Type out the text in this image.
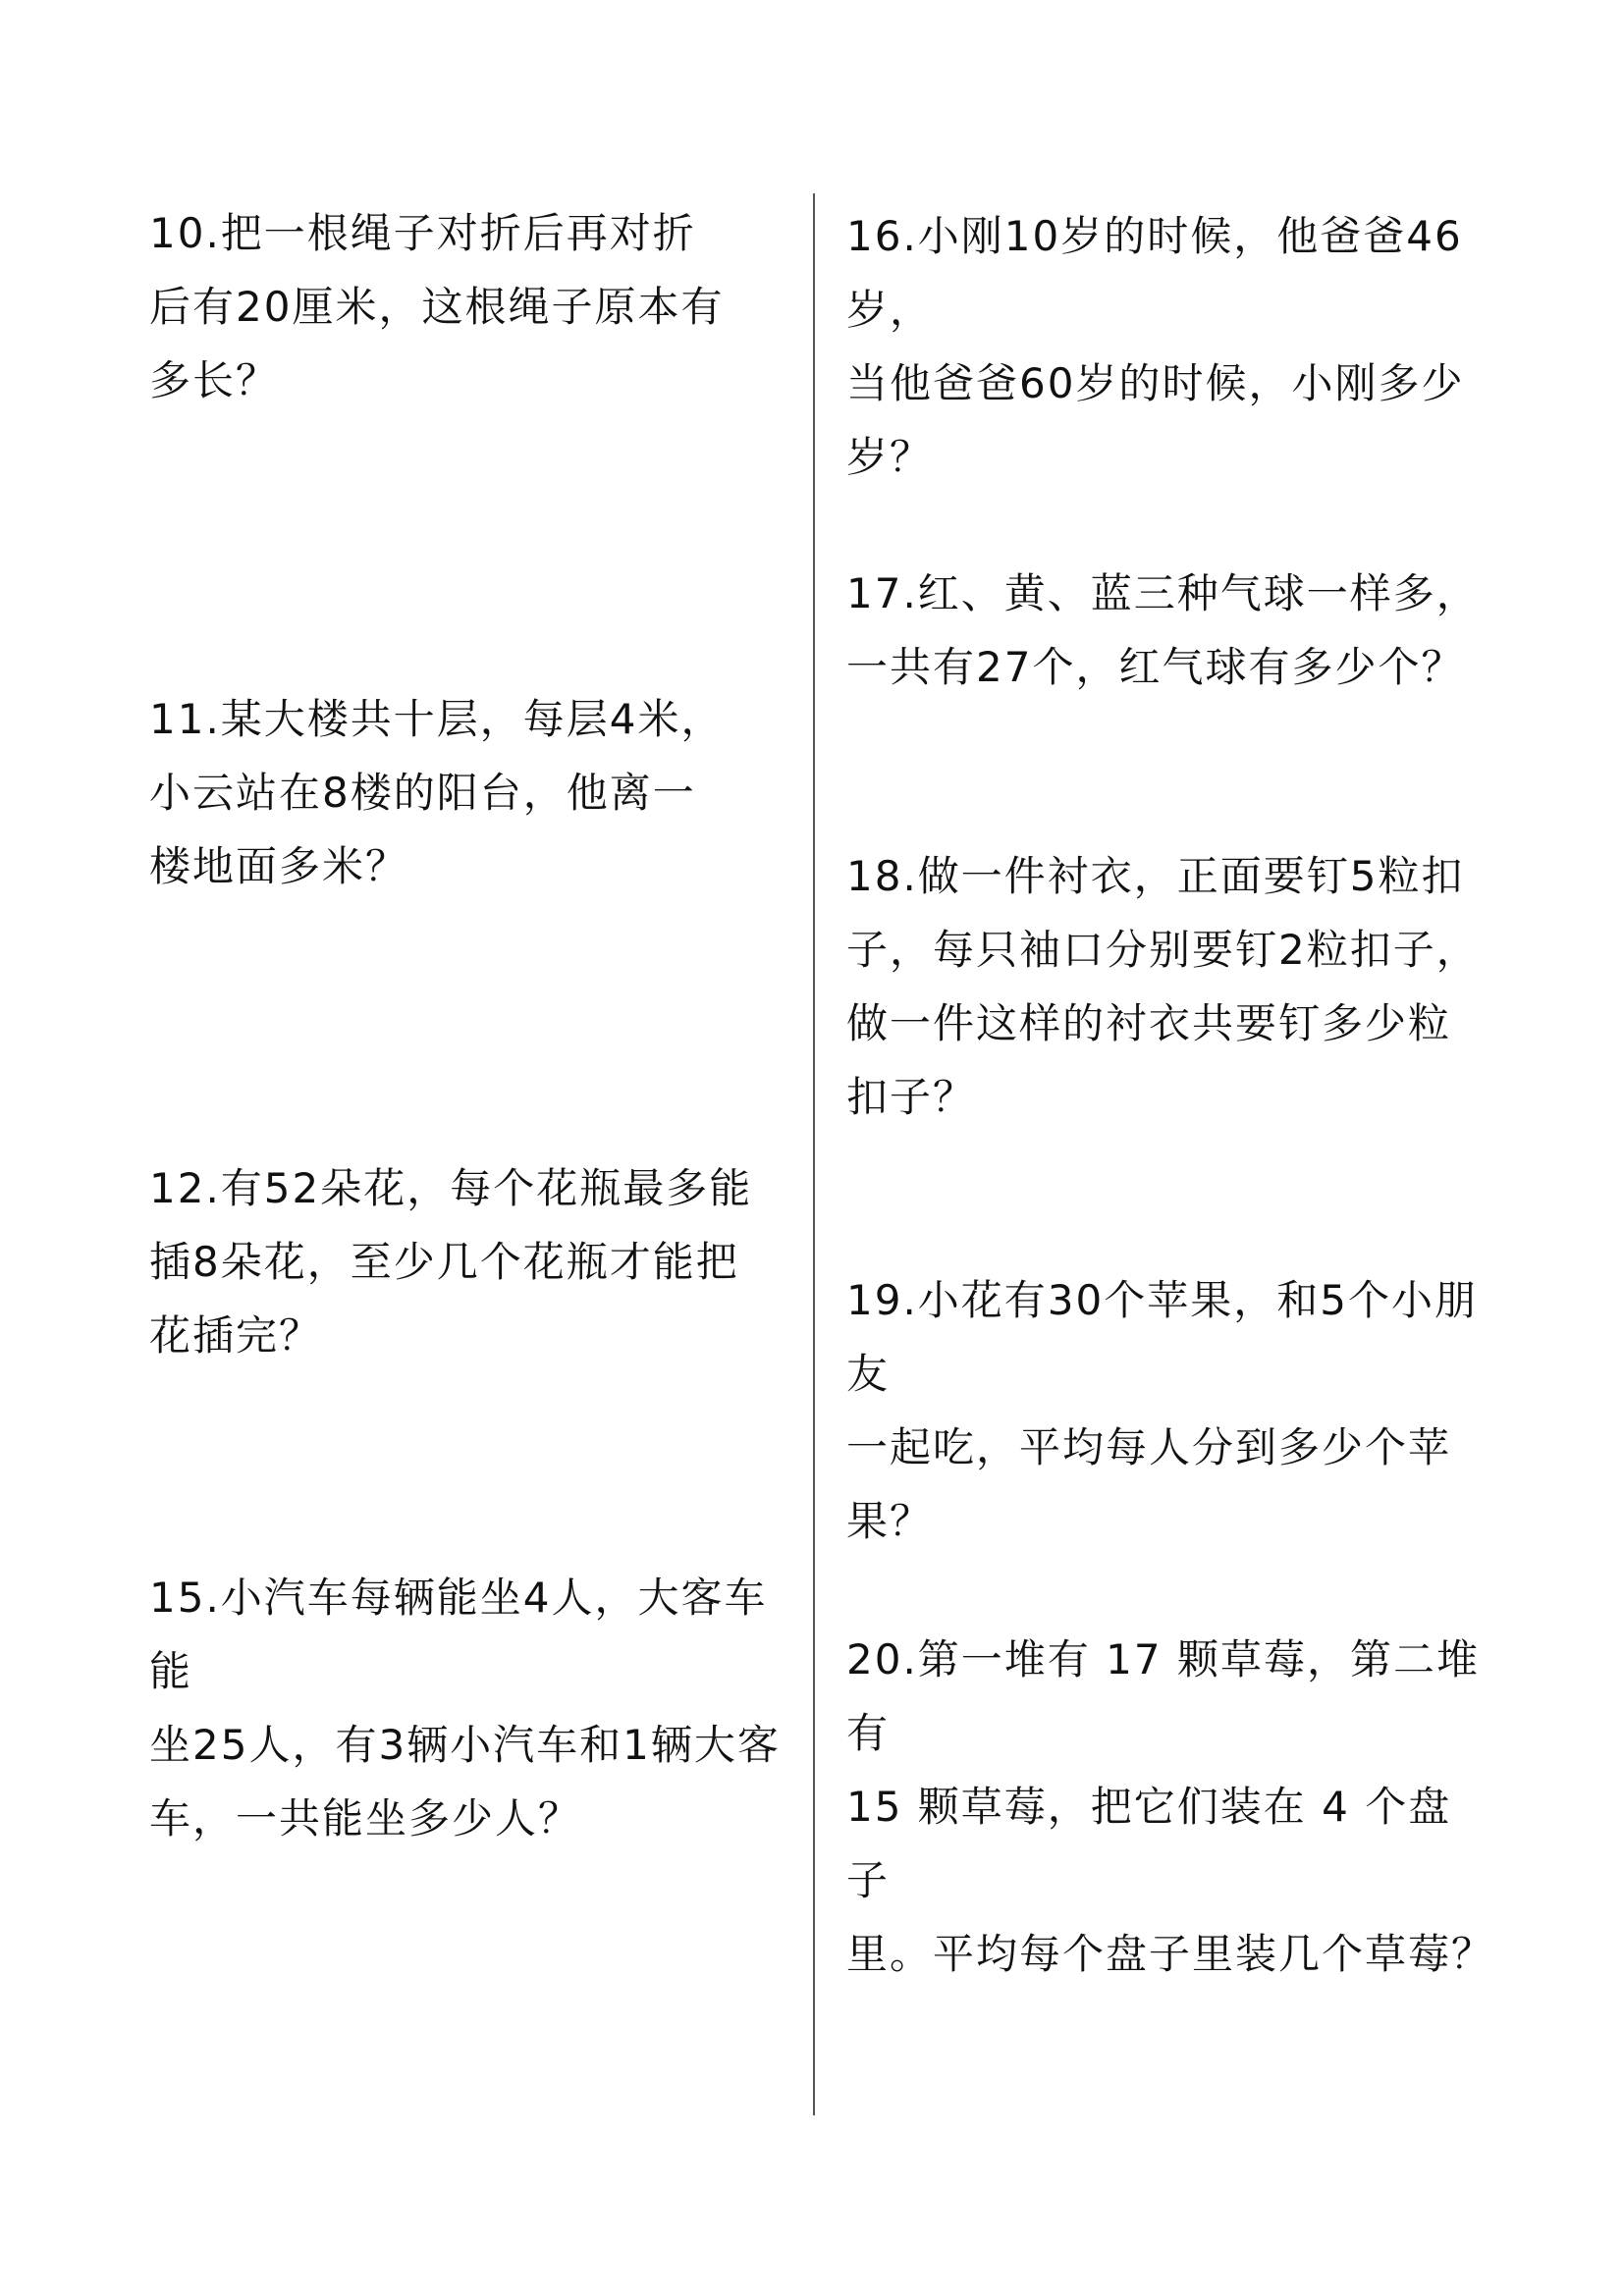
10.把一根绳子对折后再对折
后有20厘米，这根绳子原本有
多长？

11.某大楼共十层，每层4米，
小云站在8楼的阳台，他离一
楼地面多米？

12.有52朵花，每个花瓶最多能
插8朵花，至少几个花瓶才能把
花插完？

15.小汽车每辆能坐4人，大客车能
坐25人，有3辆小汽车和1辆大客
车，一共能坐多少人？

16.小刚10岁的时候，他爸爸46岁，
当他爸爸60岁的时候，小刚多少
岁？

17.红、黄、蓝三种气球一样多，
一共有27个，红气球有多少个？

18.做一件衬衣，正面要钉5粒扣
子，每只袖口分别要钉2粒扣子，
做一件这样的衬衣共要钉多少粒
扣子？

19.小花有30个苹果，和5个小朋友
一起吃，平均每人分到多少个苹
果？

20.第一堆有 17 颗草莓，第二堆有
15 颗草莓，把它们装在 4 个盘子
里。平均每个盘子里装几个草莓？
